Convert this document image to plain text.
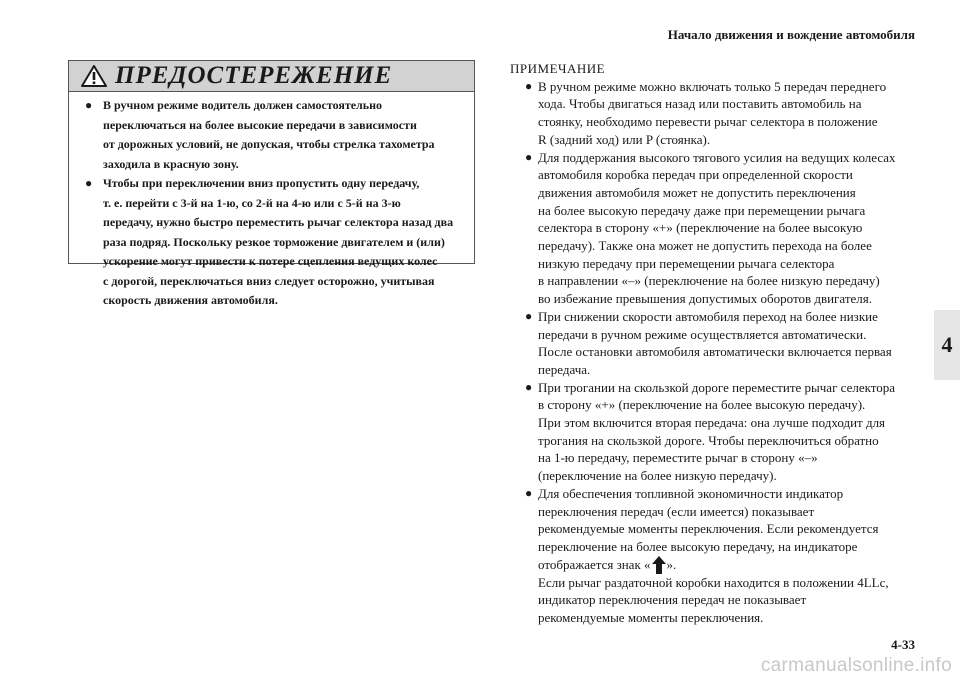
Начало движения и вождение автомобиля
4
ПРЕДОСТЕРЕЖЕНИЕ
● В ручном режиме водитель должен самостоятельно
переключаться на более высокие передачи в зависимости
от дорожных условий, не допуская, чтобы стрелка тахометра
заходила в красную зону.
● Чтобы при переключении вниз пропустить одну передачу,
т. е. перейти с 3-й на 1-ю, со 2-й на 4-ю или с 5-й на 3-ю
передачу, нужно быстро переместить рычаг селектора назад два
раза подряд. Поскольку резкое торможение двигателем и (или)
ускорение могут привести к потере сцепления ведущих колес
с дорогой, переключаться вниз следует осторожно, учитывая
скорость движения автомобиля.
ПРИМЕЧАНИЕ
● В ручном режиме можно включать только 5 передач переднего
хода. Чтобы двигаться назад или поставить автомобиль на
стоянку, необходимо перевести рычаг селектора в положение
R (задний ход) или P (стоянка).
● Для поддержания высокого тягового усилия на ведущих колесах
автомобиля коробка передач при определенной скорости
движения автомобиля может не допустить переключения
на более высокую передачу даже при перемещении рычага
селектора в сторону «+» (переключение на более высокую
передачу). Также она может не допустить перехода на более
низкую передачу при перемещении рычага селектора
в направлении «–» (переключение на более низкую передачу)
во избежание превышения допустимых оборотов двигателя.
● При снижении скорости автомобиля переход на более низкие
передачи в ручном режиме осуществляется автоматически.
После остановки автомобиля автоматически включается первая
передача.
● При трогании на скользкой дороге переместите рычаг селектора
в сторону «+» (переключение на более высокую передачу).
При этом включится вторая передача: она лучше подходит для
трогания на скользкой дороге. Чтобы переключиться обратно
на 1-ю передачу, переместите рычаг в сторону «–»
(переключение на более низкую передачу).
● Для обеспечения топливной экономичности индикатор
переключения передач (если имеется) показывает
рекомендуемые моменты переключения. Если рекомендуется
переключение на более высокую передачу, на индикаторе
отображается знак « ».
Если рычаг раздаточной коробки находится в положении 4LLc,
индикатор переключения передач не показывает
рекомендуемые моменты переключения.
4-33
carmanualsonline.info
